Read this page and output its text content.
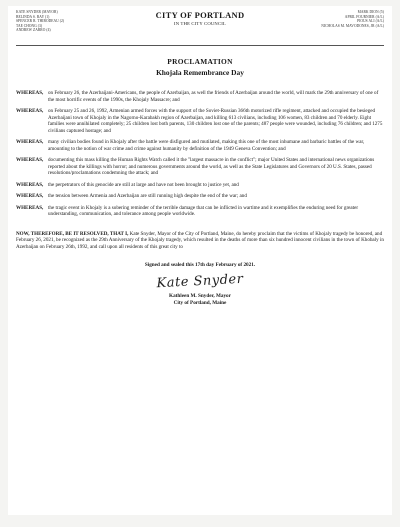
KATE SNYDER (MAYOR)
BELINDA S. RAY (1)
SPENCER R. THIBODEAU (2)
TAE CHONG (3)
ANDREW ZARRO (4)
CITY OF PORTLAND
IN THE CITY COUNCIL
MARK DION (5)
APRIL FOURNIER (A/L)
PIOUS ALI (A/L)
NICHOLAS M. MAVODONES, JR (A/L)
PROCLAMATION
Khojala Remembrance Day
WHEREAS, on February 26, the Azerbaijani-Americans, the people of Azerbaijan, as well the friends of Azerbaijan around the world, will mark the 29th anniversary of one of the most horrific events of the 1990s, the Khojaly Massacre; and
WHEREAS, on February 25 and 26, 1992, Armenian armed forces with the support of the Soviet-Russian 366th motorized rifle regiment, attacked and occupied the besieged Azerbaijani town of Khojaly in the Nagorno-Karabakh region of Azerbaijan, and killing 613 civilians, including 106 women, 83 children and 70 elderly. Eight families were annihilated completely; 25 children lost both parents, 130 children lost one of the parents; 487 people were wounded, including 76 children; and 1275 civilians captured hostage; and
WHEREAS, many civilian bodies found in Khojaly after the battle were disfigured and mutilated, making this one of the most inhumane and barbaric battles of the war, amounting to the notion of war crime and crime against humanity by definition of the 1949 Geneva Convention; and
WHEREAS, documenting this mass killing the Human Rights Watch called it the "largest massacre in the conflict"; major United States and international news organizations reported about the killings with horror; and numerous governments around the world, as well as the State Legislatures and Governors of 20 U.S. States, passed resolutions/proclamations condemning the attack; and
WHEREAS, the perpetrators of this genocide are still at large and have not been brought to justice yet, and
WHEREAS, the tension between Armenia and Azerbaijan are still running high despite the end of the war; and
WHEREAS, the tragic event in Khojaly is a sobering reminder of the terrible damage that can be inflicted in wartime and it exemplifies the enduring need for greater understanding, communication, and tolerance among people worldwide.
NOW, THEREFORE, BE IT RESOLVED, THAT I, Kate Snyder, Mayor of the City of Portland, Maine, do hereby proclaim that the victims of Khojaly tragedy be honored, and February 26, 2021, be recognized as the 29th Anniversary of the Khojaly tragedy, which resulted in the deaths of more than six hundred innocent civilians in the town of Khobaly in Azerbaijan on February 26th, 1992, and call upon all residents of this great city to
Signed and sealed this 17th day February of 2021.
Kate Snyder
Kathleen M. Snyder, Mayor
City of Portland, Maine
